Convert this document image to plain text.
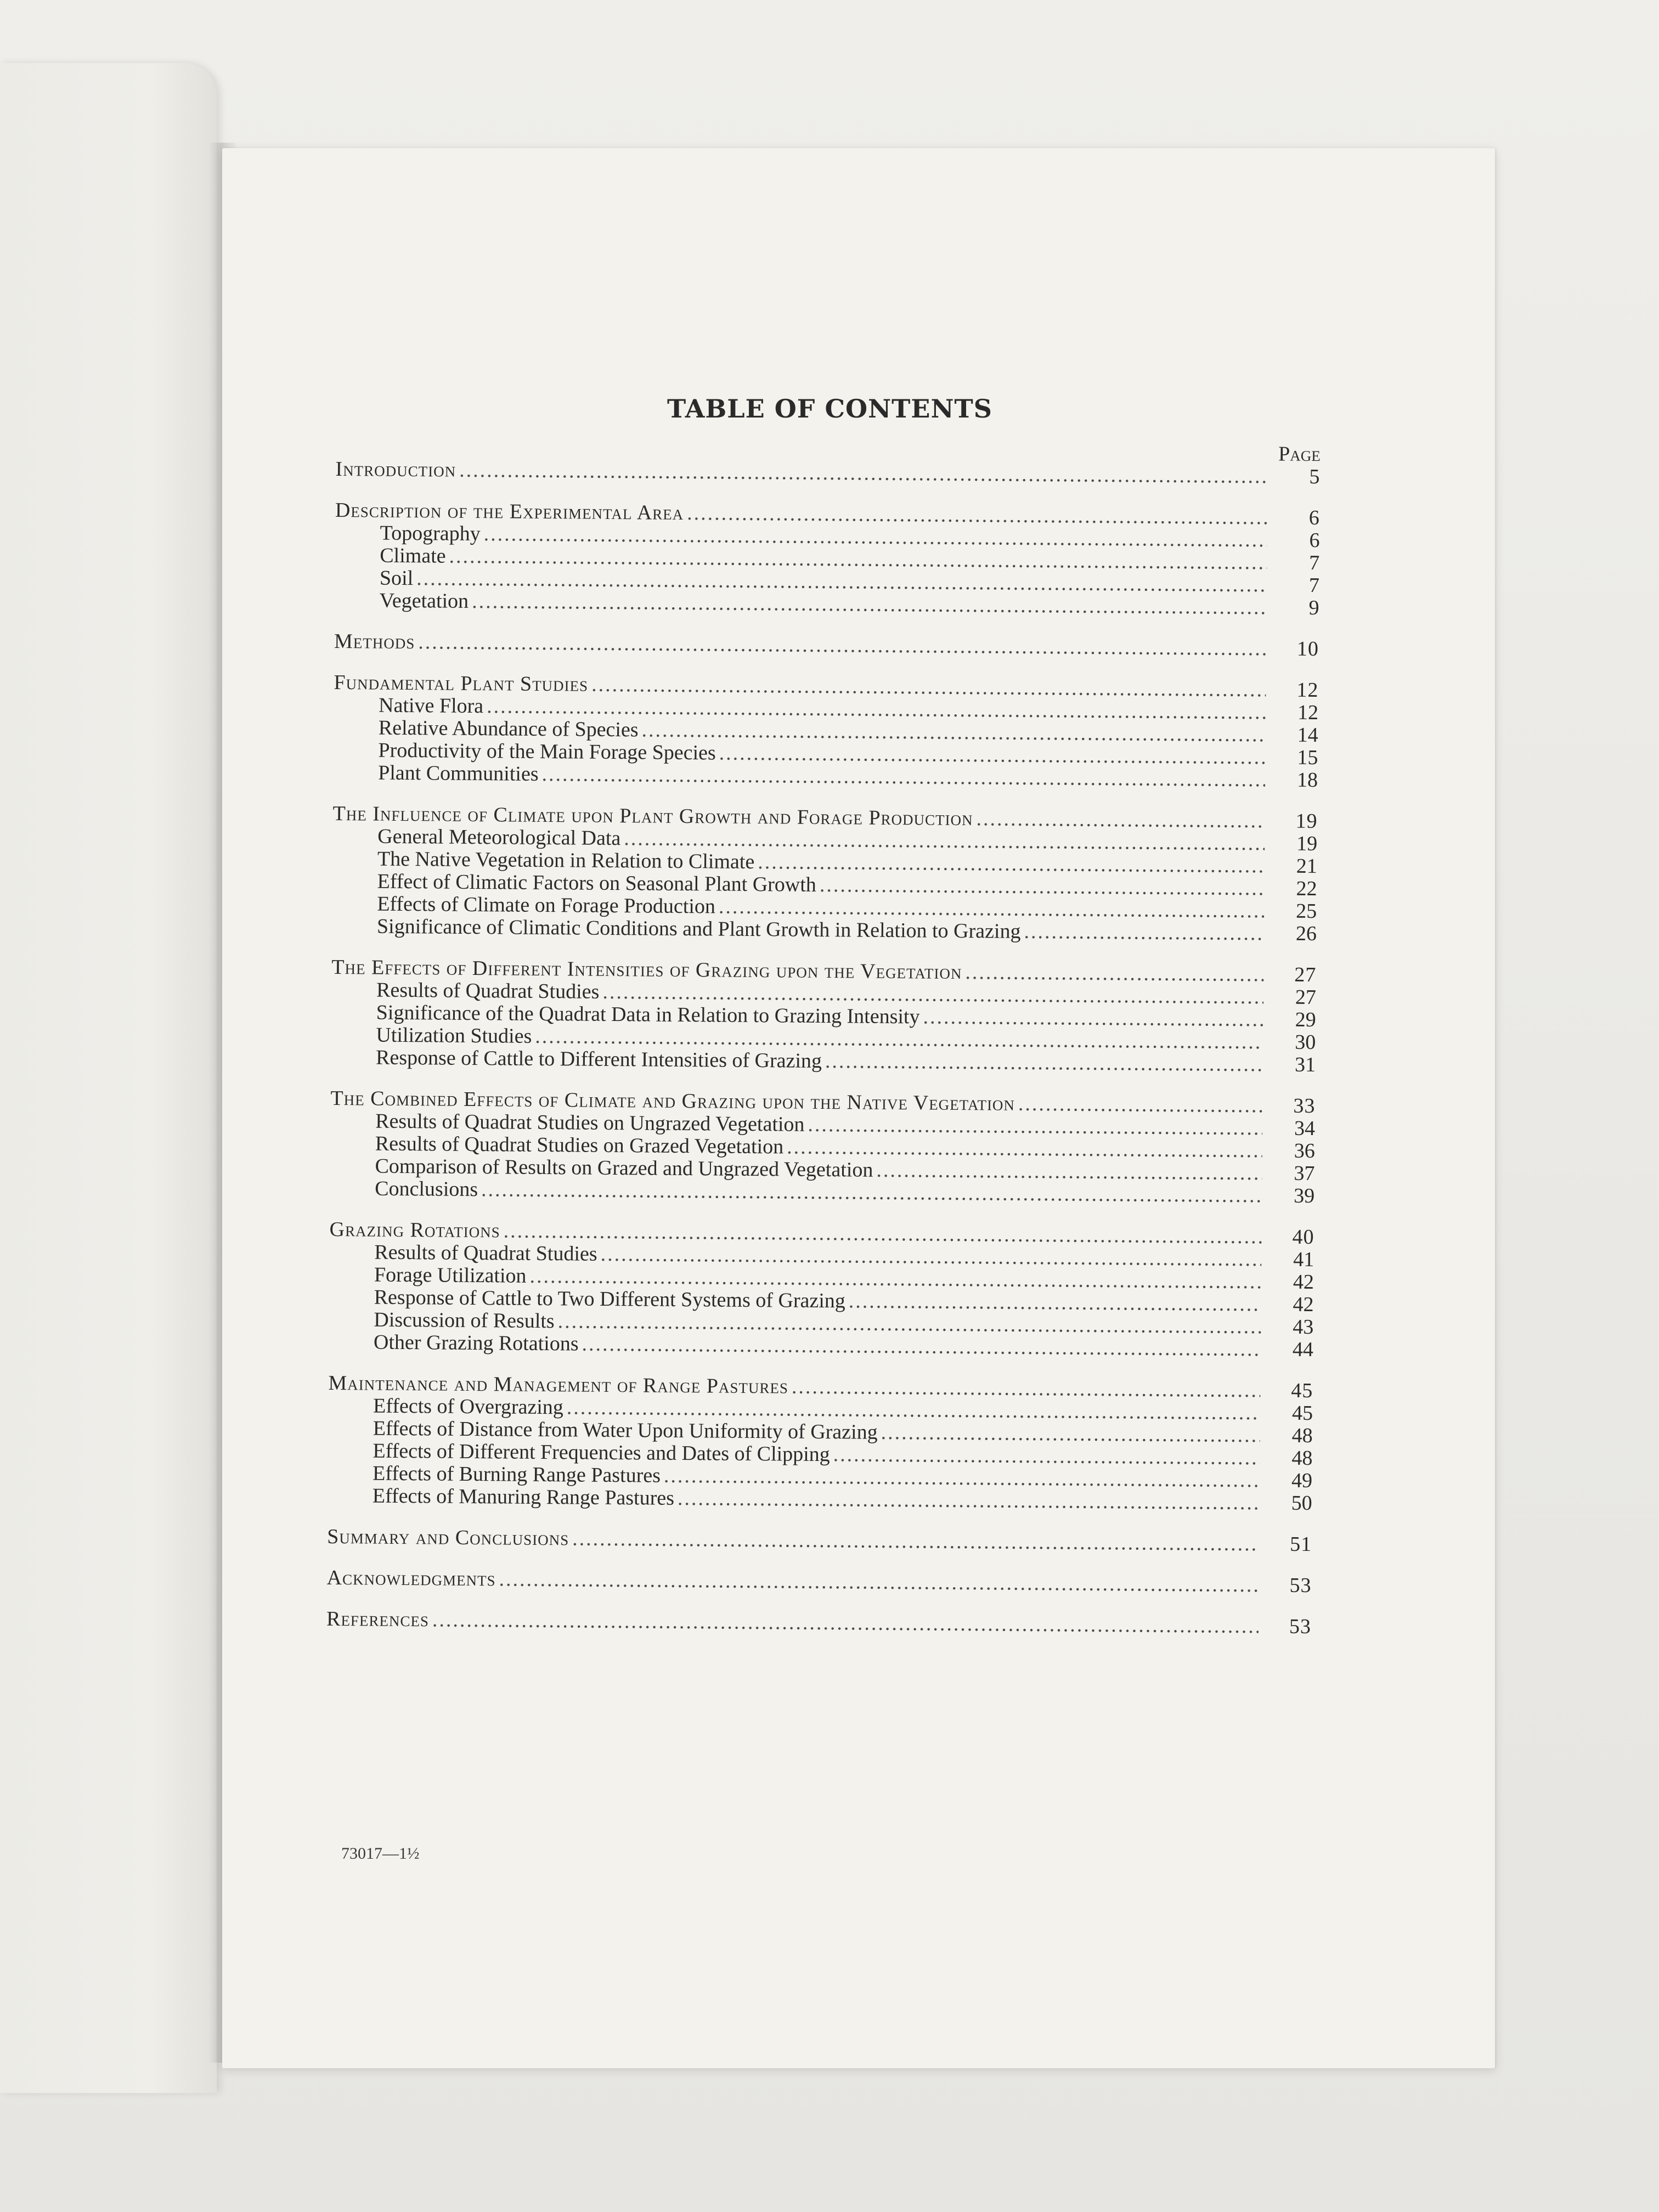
TABLE OF CONTENTS
Page
Introduction .....	5
Description of the Experimental Area .....	6
Topography .....	6
Climate .....	7
Soil .....	7
Vegetation .....	9
Methods .....	10
Fundamental Plant Studies .....	12
Native Flora .....	12
Relative Abundance of Species .....	14
Productivity of the Main Forage Species .....	15
Plant Communities .....	18
The Influence of Climate upon Plant Growth and Forage Production .....	19
General Meteorological Data .....	19
The Native Vegetation in Relation to Climate .....	21
Effect of Climatic Factors on Seasonal Plant Growth .....	22
Effects of Climate on Forage Production .....	25
Significance of Climatic Conditions and Plant Growth in Relation to Grazing .....	26
The Effects of Different Intensities of Grazing upon the Vegetation .....	27
Results of Quadrat Studies .....	27
Significance of the Quadrat Data in Relation to Grazing Intensity .....	29
Utilization Studies .....	30
Response of Cattle to Different Intensities of Grazing .....	31
The Combined Effects of Climate and Grazing upon the Native Vegetation .....	33
Results of Quadrat Studies on Ungrazed Vegetation .....	34
Results of Quadrat Studies on Grazed Vegetation .....	36
Comparison of Results on Grazed and Ungrazed Vegetation .....	37
Conclusions .....	39
Grazing Rotations .....	40
Results of Quadrat Studies .....	41
Forage Utilization .....	42
Response of Cattle to Two Different Systems of Grazing .....	42
Discussion of Results .....	43
Other Grazing Rotations .....	44
Maintenance and Management of Range Pastures .....	45
Effects of Overgrazing .....	45
Effects of Distance from Water Upon Uniformity of Grazing .....	48
Effects of Different Frequencies and Dates of Clipping .....	48
Effects of Burning Range Pastures .....	49
Effects of Manuring Range Pastures .....	50
Summary and Conclusions .....	51
Acknowledgments .....	53
References .....	53
73017—1½
